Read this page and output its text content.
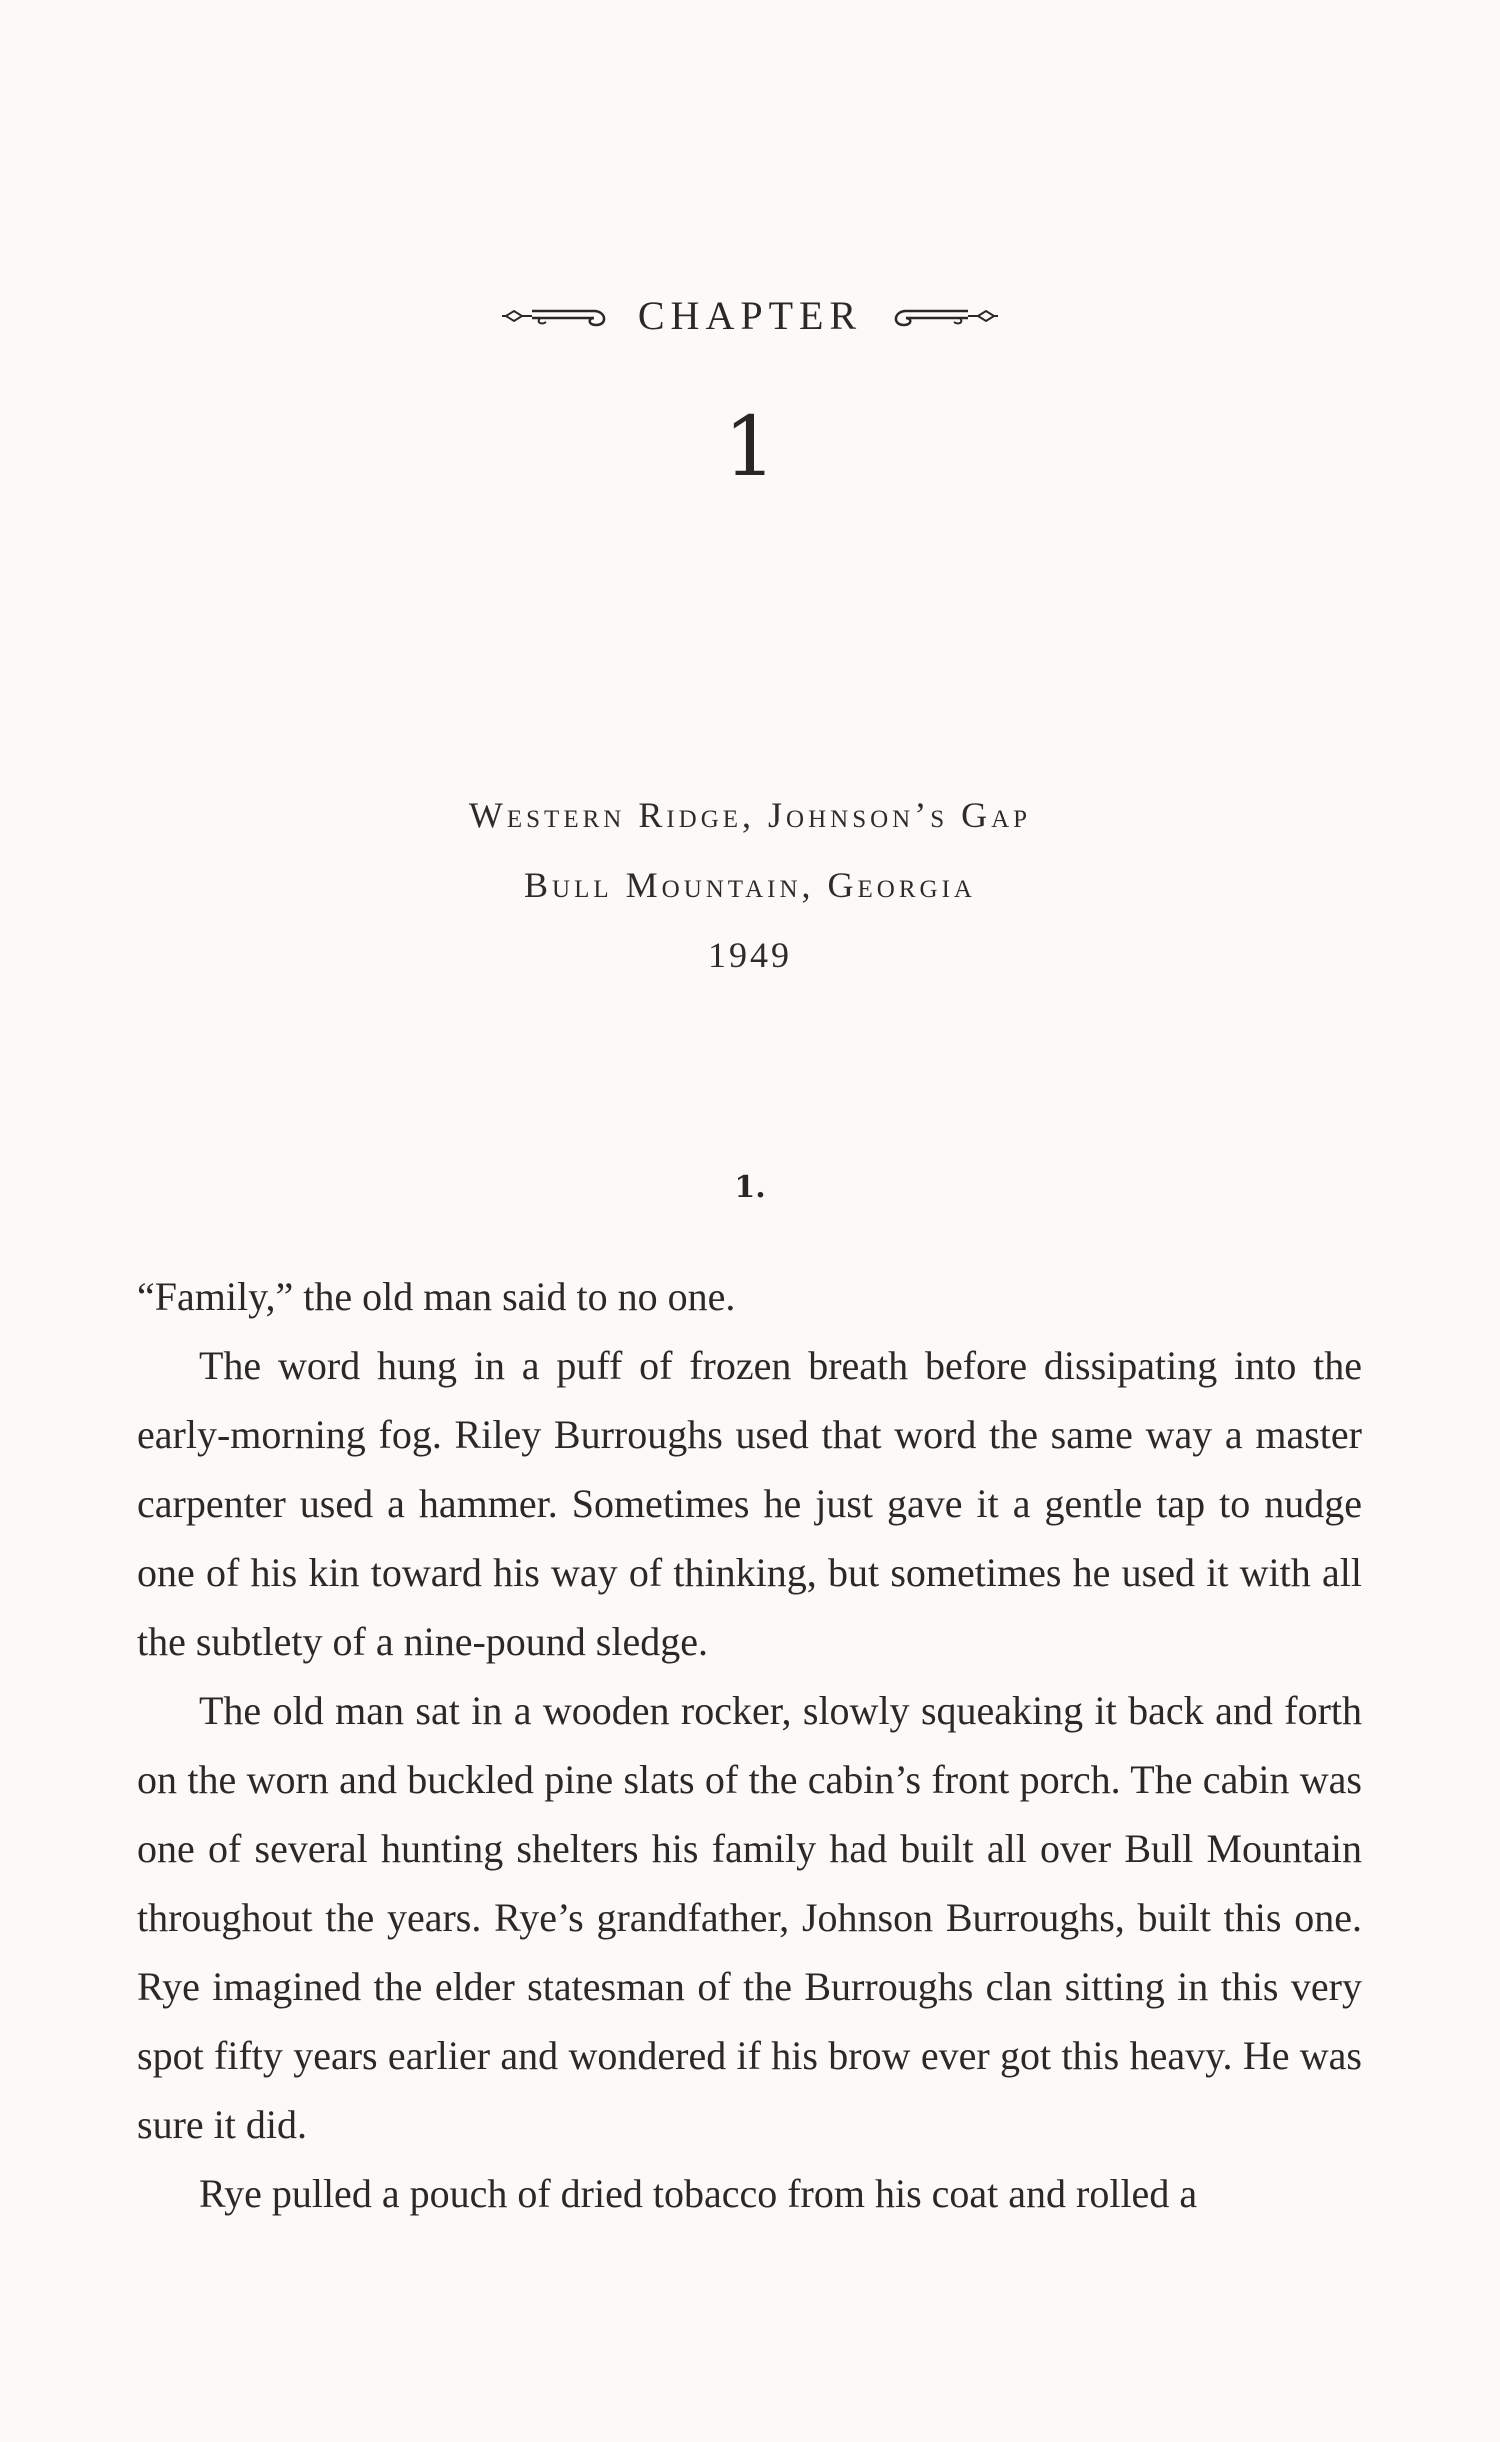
CHAPTER
1
Western Ridge, Johnson’s Gap
Bull Mountain, Georgia
1949
1.

“Family,” the old man said to no one.

The word hung in a puff of frozen breath before dissipating into the early-morning fog. Riley Burroughs used that word the same way a master carpenter used a hammer. Sometimes he just gave it a gentle tap to nudge one of his kin toward his way of thinking, but sometimes he used it with all the subtlety of a nine-pound sledge.

The old man sat in a wooden rocker, slowly squeaking it back and forth on the worn and buckled pine slats of the cabin’s front porch. The cabin was one of several hunting shelters his family had built all over Bull Mountain throughout the years. Rye’s grandfather, Johnson Burroughs, built this one. Rye imagined the elder statesman of the Burroughs clan sitting in this very spot fifty years earlier and wondered if his brow ever got this heavy. He was sure it did.

Rye pulled a pouch of dried tobacco from his coat and rolled a
